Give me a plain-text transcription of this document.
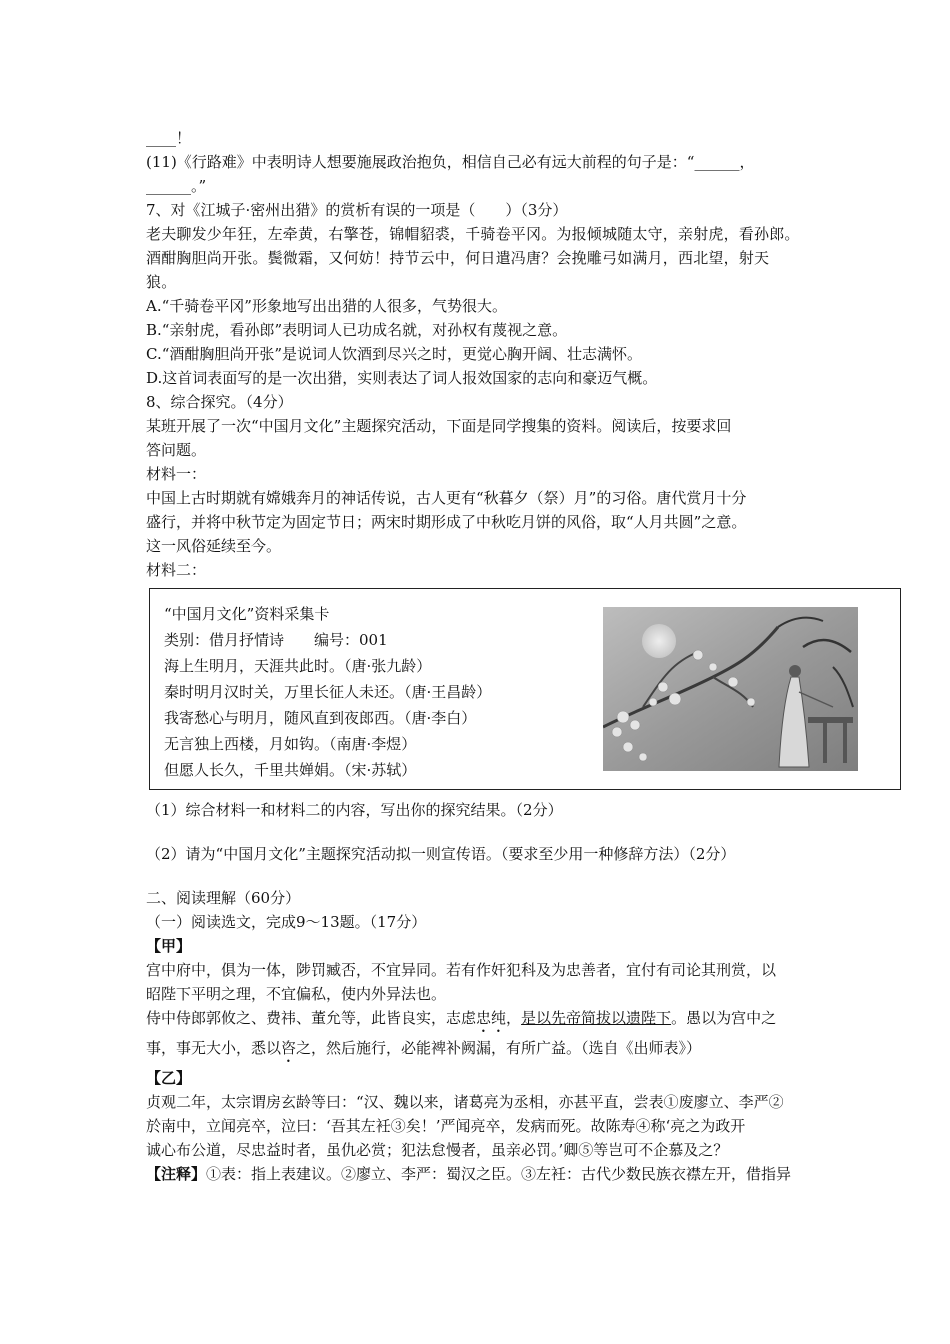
____！
(11)《行路难》中表明诗人想要施展政治抱负，相信自己必有远大前程的句子是：“______，
______。”
7、对《江城子·密州出猎》的赏析有误的一项是（　　）（3分）
老夫聊发少年狂，左牵黄，右擎苍，锦帽貂裘，千骑卷平冈。为报倾城随太守，亲射虎，看孙郎。
酒酣胸胆尚开张。鬓微霜，又何妨！持节云中，何日遣冯唐？会挽雕弓如满月，西北望，射天
狼。
A.“千骑卷平冈”形象地写出出猎的人很多，气势很大。
B.“亲射虎，看孙郎”表明词人已功成名就，对孙权有蔑视之意。
C.“酒酣胸胆尚开张”是说词人饮酒到尽兴之时，更觉心胸开阔、壮志满怀。
D.这首词表面写的是一次出猎，实则表达了词人报效国家的志向和豪迈气概。
8、综合探究。（4分）
某班开展了一次“中国月文化”主题探究活动，下面是同学搜集的资料。阅读后，按要求回
答问题。
材料一：
中国上古时期就有嫦娥奔月的神话传说，古人更有“秋暮夕（祭）月”的习俗。唐代赏月十分
盛行，并将中秋节定为固定节日；两宋时期形成了中秋吃月饼的风俗，取“人月共圆”之意。
这一风俗延续至今。
材料二：
“中国月文化”资料采集卡
类别：借月抒情诗　　编号：001
海上生明月，天涯共此时。（唐·张九龄）
秦时明月汉时关，万里长征人未还。（唐·王昌龄）
我寄愁心与明月，随风直到夜郎西。（唐·李白）
无言独上西楼，月如钩。（南唐·李煜）
但愿人长久，千里共婵娟。（宋·苏轼）
（1）综合材料一和材料二的内容，写出你的探究结果。（2分）
（2）请为“中国月文化”主题探究活动拟一则宣传语。（要求至少用一种修辞方法）（2分）
二、阅读理解（60分）
（一）阅读选文，完成9～13题。（17分）
【甲】
宫中府中，俱为一体，陟罚臧否，不宜异同。若有作奸犯科及为忠善者，宜付有司论其刑赏，以
昭陛下平明之理，不宜偏私，使内外异法也。
侍中侍郎郭攸之、费祎、董允等，此皆良实，志虑忠纯，是以先帝简拔以遗陛下。愚以为宫中之
事，事无大小，悉以咨之，然后施行，必能裨补阙漏，有所广益。（选自《出师表》）
【乙】
贞观二年，太宗谓房玄龄等曰：“汉、魏以来，诸葛亮为丞相，亦甚平直，尝表①废廖立、李严②
於南中，立闻亮卒，泣曰：‘吾其左衽③矣！’严闻亮卒，发病而死。故陈寿④称‘亮之为政开
诚心布公道，尽忠益时者，虽仇必赏；犯法怠慢者，虽亲必罚。’卿⑤等岂可不企慕及之？
【注释】①表：指上表建议。②廖立、李严：蜀汉之臣。③左衽：古代少数民族衣襟左开，借指异
